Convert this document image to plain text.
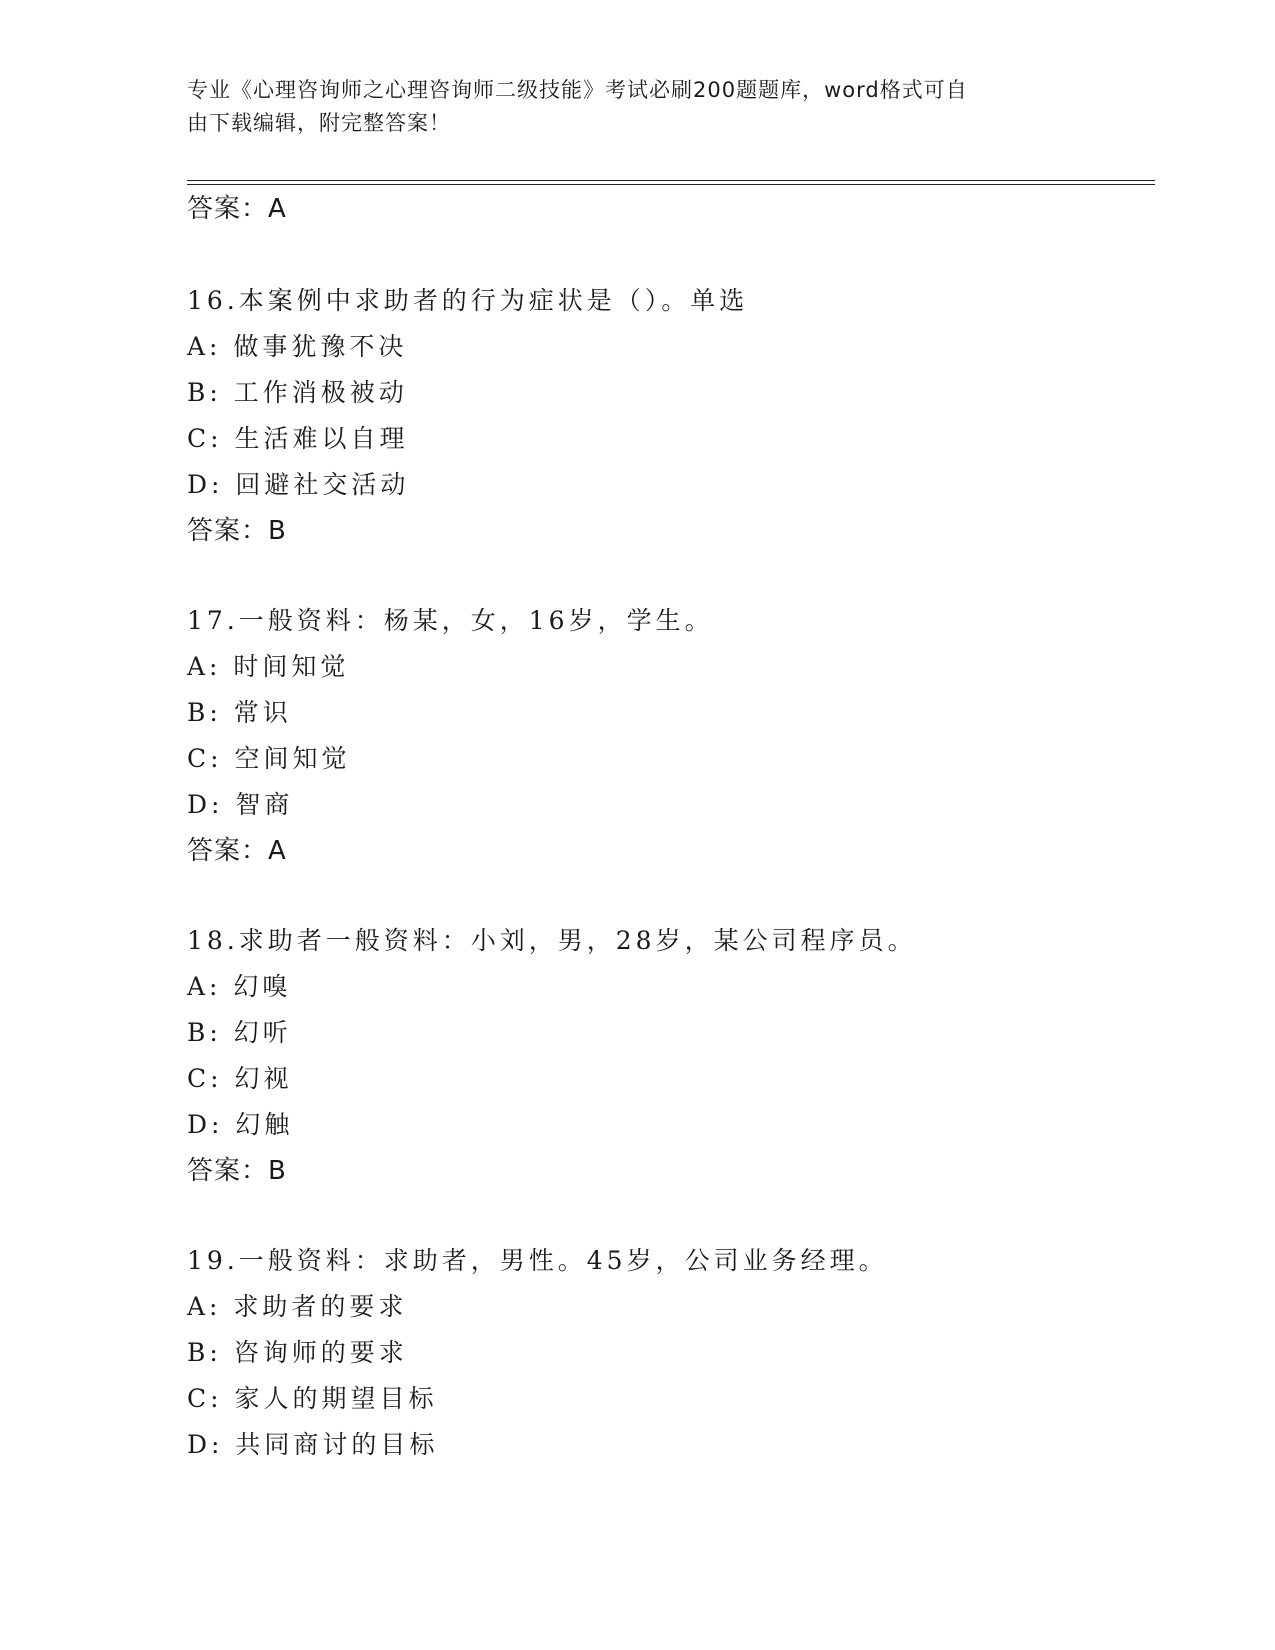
专业《心理咨询师之心理咨询师二级技能》考试必刷200题题库，word格式可自
由下载编辑，附完整答案！
答案：A
16.本案例中求助者的行为症状是（）。单选
A: 做事犹豫不决
B: 工作消极被动
C: 生活难以自理
D: 回避社交活动
答案：B
17.一般资料：杨某，女，16岁，学生。
A: 时间知觉
B: 常识
C: 空间知觉
D: 智商
答案：A
18.求助者一般资料：小刘，男，28岁，某公司程序员。
A: 幻嗅
B: 幻听
C: 幻视
D: 幻触
答案：B
19.一般资料：求助者，男性。45岁，公司业务经理。
A: 求助者的要求
B: 咨询师的要求
C: 家人的期望目标
D: 共同商讨的目标
